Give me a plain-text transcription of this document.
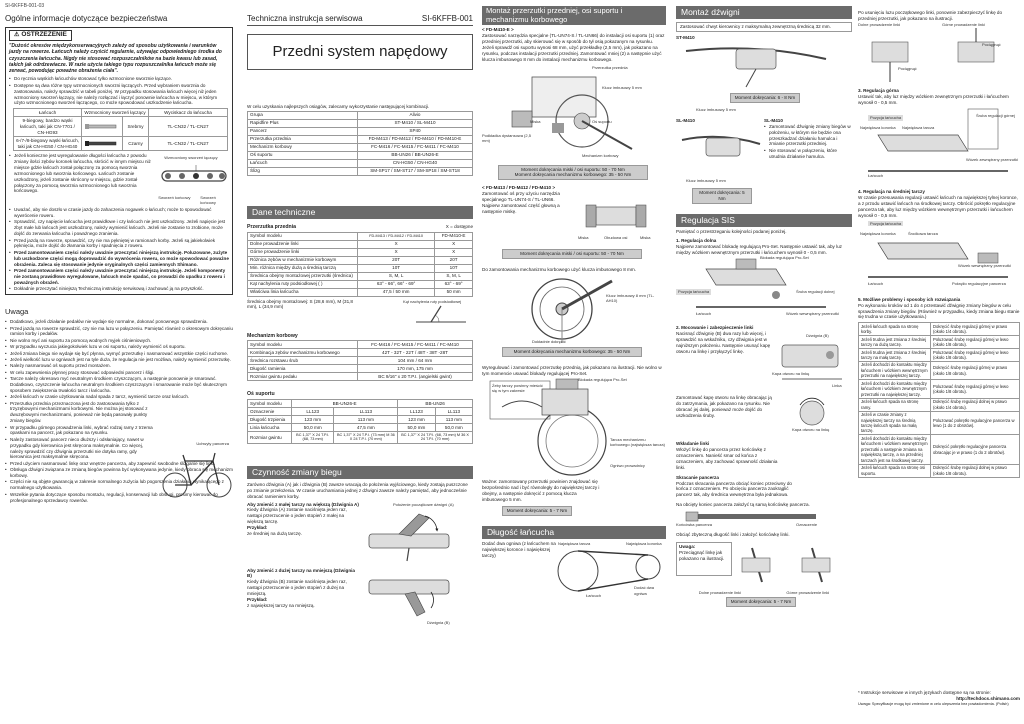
SI-6KFFB-001-03
Ogólne informacje dotyczące bezpieczeństwa
⚠ OSTRZEŻENIE
"Dużość okresów międzykonserwacyjnych zależy od sposobu użytkowania i warunków jazdy na rowerze. Łańcuch należy czyścić regularnie, używając odpowiedniego środka do czyszczenia łańcucha. Nigdy nie stosować rozpuszczalników na bazie kwasu lub zasad, takich jak odrdzewiacze. W razie użycia takiego typu rozpuszczalnika łańcuch może się zerwać, powodując poważne obrażenia ciała".
• Do ręcznia wąskich łańcuchów stosować tylko wzmocnione sworznie łączące.
• Dostępne są dwa różne typy wzmocnionych sworzni łączących. Przed wybraniem sworznia do zastosowania, należy sprawdzić w tabeli poniżej. W przypadku stosowania łańcuch więcej niż jeden wzmocniony sworzeń łączący, nie należy rozłączać i łączyć ponownie łańcucha w miejscu, w którym użyto wzmocnionego sworzeń łączącego, co może spowodować uszkodzenie łańcucha.
Łańcuch	Wzmocniony sworzeń łączący		Wyciskacz do łańcucha
9-biegowy, bardzo wąski łańcuch, taki jak CN-7701 / CN-HG93		Srebrny	TL-CN32 / TL-CN27
6-/7-/8-biegowy wąski łańcuch, taki jak CN-HG50 / CN-HG40		Czarny	TL-CN32 / TL-CN27
• Jeżeli konieczne jest wyregulowanie długości łańcucha z powodu zmiany ilości zębów koronek łańcucha, skrócić w innym miejscu niż miejsce gdzie łańcuch został połączony za pomocą sworznia wzmocnionego lub sworznia końcowego. Łańcuch zostanie uszkodzony, jeżeli zostanie skrócony w miejscu, gdzie został połączony za pomocą sworznia wzmocnionego lub sworznia końcowego.
Wzmocniony sworzeń łączący
Sworzeń końcowy Sworzeń końcowy
• Uważać, aby nie doszło w czasie jazdy do zahaczenia nogawek o łańcuch; może to spowodować wywrócenie roweru.
• Sprawdzić, czy napięcie łańcucha jest prawidłowe i czy łańcuch nie jest uszkodzony. Jeżeli napięcie jest zbyt małe lub łańcuch jest uszkodzony, należy wymienić łańcuch. Jeżeli nie zostanie to zrobione, może dojść do zerwania łańcucha i poważnego zranienia.
• Przed jazdą na rowerze, sprawdzić, czy nie ma pękniętej w ramionach korby. Jeżeli są jakiekolwiek pęknięcia, może dojść do złamania korby i spadnięcia z roweru.
• Przed zamontowaniem części należy uważnie przeczytać niniejszą instrukcję. Poluzowane, zużyte lub uszkodzone części mogą doprowadzić do wywrócenia roweru, co może spowodować poważne obrażenia. Zaleca się stosowanie jedynie oryginalnych części zamiennych Shimano.
• Przed zamontowaniem części należy uważnie przeczytać niniejszą instrukcję. Jeżeli komponenty nie zostaną prawidłowo wyregulowane, łańcuch może spadać, co prowadzi do upadku z roweru i poważnych obrażeń.
• Dokładnie przeczytać niniejszą Techniczną instrukcję serwisową i zachować ją na przyszłość.
Uwaga
• Dodatkowo, jeżeli działanie pedałów nie wydaje się normalne, dokonać ponownego sprawdzenia.
• Przed jazdą na rowerze sprawdzić, czy nie ma luzu w połączeniu. Pamiętać również o okresowym dokręcaniu ramion korby i pedałów.
• Nie wolno myć ani suportu za pomocą wodnych myjek ciśnieniowych.
• W przypadku wyczucia jakiegokolwiek luzu w osi suportu, należy wymienić oś suportu.
• Jeżeli zmiana biegu nie wydaje się być płynna, wymyć przerzutkę i nasmarować wszystkie części ruchome.
• Jeżeli wielkość luzu w ogniwach jest na tyle duża, że regulacja nie jest możliwa, należy wymienić przerzutkę.
• Należy nasmarować oś suportu przed montażem.
• W celu zapewnienia płynnej pracy stosować odpowiedni pancerz i śligi.
• Tarcze należy okresowo myć neutralnym środkiem czyszczącym, a następnie ponownie je smarować. Dodatkowo, czyszczenie łańcucha neutralnym środkiem czyszczącym i smarowanie może być skutecznym sposobem zwiększenia trwałości tarcz i łańcucha.
• Jeżeli łańcuch w czasie użytkowania nadal spada z tarcz, wymienić tarcze oraz łańcuch.
• Przerzutka przednia przeznaczona jest do zastosowania tylko z trzyzębowymi mechanizmami korbowymi. Nie można jej stosować z dwuzębowymi mechanizmami, ponieważ nie będą pasowały punkty zmiany biegów.
• W przypadku górnego prowadzenia linki, wybrać rodzaj ramy z trzema opaskami na pancerz, jak pokazano na rysunku.
• Należy zastosować pancerz nieco dłuższy i odsłaniający, nawet w przypadku gdy kierownica jest skręcona maksymalnie. Co więcej, należy sprawdzić czy dźwignia przerzutki nie dotyka ramy, gdy kierownica jest maksymalnie skręcona.
• Przed użyciem nasmarować linkę oraz wnętrze pancerza, aby zapewnić swobodne ślizganie się linki.
• Obsługa dźwigni związana ze zmianą biegów powinna być wykonywana jedynie, kiedy obraca się mechanizm korbowy.
• Części nie są objęte gwarancją w zakresie normalnego zużycia lub pogorszenia działania wynikającego z normalnego użytkowania.
• Wszelkie pytania dotyczące sposobu montażu, regulacji, konserwacji lub obsługi, prosimy kierować do profesjonalnego sprzedawcy rowerów.
Uchwyty pancerza
Techniczna instrukcja serwisowa	SI-6KFFB-001
Przedni system napędowy
W celu uzyskania najlepszych osiągów, zalecamy wykorzystanie następującej kombinacji.
Grupa	Alivio
Rapidfire Plus	ST-M410 / SL-M410
Pancerz	SP40
Przerzutka przednia	FD-M413 / FD-M412 / FD-M410 / FD-M410-E
Mechanizm korbowy	FC-M416 / FC-M415 / FC-M411 / FC-M410
Oś suportu	BB-UN26 / BB-UN26-E
Łańcuch	CN-HG50 / CN-HG40
Ślizg	SM-SP17 / SM-ST17 / SM-SP18 / SM-ST18
Dane techniczne
Przerzutka przednia	X = dostępne
Symbol modelu	FD-M413 / FD-M412 / FD-M410	FD-M410-E
Dolne prowadzenie linki	X	X
Górne prowadzenie linki	X	X
Różnica zębów w mechanizmie korbowym	20T	20T
Min. różnica między dużą a średnią tarczą	10T	10T
Średnica obejmy montażowej przerzutki (średnica)	S, M, L	S, M, L
Kąt nachylenia ruty podsiodłowej ( )	63° - 66°, 66° - 69°	63° - 69°
Właściwa linia łańcucha	47,5 / 50 mm	50 mm
Średnica obejmy montażowej: S (28,6 mm), M (31,8 mm), L (34,9 mm)
Kąt nachylenia ruty podsiodłowej
Mechanizm korbowy
Symbol modelu	FC-M416 / FC-M415 / FC-M411 / FC-M410
Kombinacja zębów mechanizmu korbowego	42T - 32T - 22T / 48T - 38T -28T
Średnica rozstawu śrub	104 mm / 64 mm
Długość ramienia	170 mm, 175 mm
Rozmiar gwintu pedału	BC 9/16" x 20 T.P.I. (angielski gwint)
Oś suportu
Symbol modelu	BB-UN26-E		BB-UN26	
Oznaczenie	LL123	LL113	LL123	LL113
Długość trzpienia	123 mm	113 mm	123 mm	113 mm
Linia łańcucha	50,0 mm	47,5 mm	50,0 mm	50,0 mm
Rozmiar gwintu	BC 1,37" X 24 T.P.I. (68, 73 mm)	BC 1,37" X 24 T.P.I. (73 mm) M 36 X 24 T.P.I. (70 mm)	BC 1,37" X 24 T.P.I. (68, 73 mm) M 36 X 24 T.P.I. (70 mm)	
Czynność zmiany biegu
Zarówno dźwignia (A) jak i dźwignia (B) zawsze wracają do położenia wyjściowego, kiedy zostają puszczone po zmianie przełożenia. W czasie uruchamiania jednej z dźwigni zawsze należy pamiętać, aby jednocześnie obracać ramieniem korby.
Aby zmienić z małej tarczy na większą (Dźwignia A)
Kiedy dźwignia (A) zostanie naciśnięta jeden raz, nastąpi przerzucenie o jeden stopień z małej na większą tarczę.
Przykład:
ze średniej na dużą tarczę.
Położenie początkowe dźwigni (A)
Aby zmienić z dużej tarczy na mniejszą (Dźwignia B)
Kiedy dźwignia (B) zostanie naciśnięta jeden raz, nastąpi przerzucenie o jeden stopień z dużej na mniejszą.
Przykład:
z największej tarczy na mniejszą.
Dźwignia (B)
Montaż przerzutki przedniej, osi suportu i mechanizmu korbowego
< FD-M410-E >
Zastosować narzędzia specjalne (TL-UN74-S / TL-UN66) do instalacji osi suportu (1) oraz przedniej przerzutki, aby skierować się w sposób do tył osią pokazanym na rysunku. Jeżeli sprawdź osi suportu wynosi 68 mm, użyć przekładkę (2,5 mm), jak pokazano na rysunku, podczas instalacji przerzutki przedniej. Zamontować mniej (2) a następnie użyć klucza imbusowego 8 mm do instalacji mechanizmu korbowego.
Przerzutka przednia
Klucz imbusowy 5 mm
Oś suportu
Podkładka dystansowa (2,5 mm)
Mechanizm korbowy
Miska
Moment dokręcania miski / osi suportu: 50 - 70 Nm
Moment dokręcania mechanizmu korbowego: 35 - 50 Nm
< FD-M413 / FD-M412 / FD-M410 >
Zamontować oś przy użyciu narzędzia specjalnego TL-UN74-S / TL-UN66. Najpierw zamontować część głowną a następnie miskę.
Miska	Obudowa osi	Miska
Moment dokręcania miski / osi suportu: 50 - 70 Nm
Do zamontowania mechanizmu korbowego użyć klucza imbusowego 8 mm.
Klucz imbusowy 8 mm (TL-AH10)
Dokładnie dokręcić
Moment dokręcania mechanizmu korbowego: 35 - 50 Nm
Wyregulować i zamontować przerzutkę przednią, jak pokazano na ilustracji. Nie wolno w tym momencie usuwać blokady regulującej Pro-Set.
Blokada regulująca Pro-Set
Żeby tarczy powinny mieścić się w tym zakresie
Tarcza mechanizmu korbowego (największa tarcza)
Ogniwo prowadnicy
Ważne: zamontowany przerzutki powinien znajdować się bezpośrednio nad i być równoległy do największej tarczy i obejmy, a następnie dokręcić z pomocą klucza imbusowego 5 mm.
Moment dokręcania: 5 - 7 Nm
Długość łańcucha
Dodać dwa ogniwa (z łańcuchem na największej koronce i największej tarczy)
Największa koronka
Największa tarcza
Łańcuch
Dodać dwa ogniwa
Montaż dźwigni
Zastosować chwyt kierownicy z maksymalną zewnętrzną średnicą 32 mm.
ST-M410
Moment dokręcania: 6 - 8 Nm
Klucz imbusowy 5 mm
SL-M410
Klucz imbusowy 5 mm
SL-M410
• Zamontować dźwignię zmiany biegów w położeniu, w którym nie będzie ona przeszkadzać działaniu hamulca i zmianie przerzutki przedniej.
• Nie stosować w połączeniu, które utrudnia działanie hamulca.
Moment dokręcania: 5 Nm
Regulacja SIS
Pamiętać o przestrzeganiu kolejności podanej poniżej.
1. Regulacja dolna
Najpierw zamontować blokadę regulującą Pro-Set. Następnie ustawić tak, aby luz między wózkiem wewnętrznym przerzutki i łańcuchem wynosił 0 - 0,5 mm.
Blokada regulująca Pro-Set
Pozycja łańcucha	Śruba regulacji dolnej
Wózek wewnętrzny przerzutki
Łańcuch
2. Mocowanie i zabezpieczenie linki
Nacisnąć dźwignię (B) dwa razy lub więcej, i sprawdzić na wskaźniku, czy dźwignia jest w najniższym położeniu. Następnie usunąć kapę otworu na linkę i przyłączyć linkę.
Dźwignia (B)
Kapa otworu na linkę
Linka
Zamontować kapę otworu na linkę obracając ją do zatrzymania, jak pokazano na rysunku. Nie obracać jej dalej, ponieważ może dojść do uszkodzenia śruby.
Kapa otworu na linkę
Wkładanie linki
Włożyć linkę do pancerza przez końcówkę z oznaczeniem. Nanieść smar od końca z oznaczeniem, aby zachować sprawność działania linki.
Skracanie pancerza
Podczas skracania pancerza obciąć koniec przeciwny do końca z oznaczeniem. Po obcięciu pancerza zaokrąglić pancerz tak, aby średnica wewnętrzna była jednakowa.
Na obcięty koniec pancerza założyć tą samą końcówkę pancerza.
Końcówka pancerza	Oznaczenie
Obciąć zbyteczną długość linki i założyć końcówkę linki.
Uwaga:
Przeciągnąć linkę jak pokazano na ilustracji.
Dolne prowadzenie linki	Górne prowadzenie linki
Moment dokręcania: 5 - 7 Nm
Po usunięciu luzu początkowego linki, ponownie zabezpieczyć linkę do przedniej przerzutki, jak pokazano na ilustracji.
Dolne prowadzenie linki	Górne prowadzenie linki
Pociągnąć
Pociągnąć
3. Regulacja górna
Ustawić tak, aby luz między wózkiem zewnętrznym przerzutki i łańcuchem wynosił 0 - 0,5 mm.
Pozycja łańcucha
Największa koronka Największa tarcza
Śruba regulacji górnej
Łańcuch
Wózek zewnętrzny przerzutki
4. Regulacja na średniej tarczy
W czasie przesuwania regulacji ustawić łańcuch na największej tylnej koronce, a z przodu ustawić łańcuch na środkowej tarczy. Obrócić pokrętło regulacyjne pancerza tak, aby luz między wózkiem wewnętrznym przerzutki i łańcuchem wynosił 0 - 0,5 mm.
Pozycja łańcucha
Największa koronka	Środkowa tarcza
Pokrętło regulacyjne pancerza
Łańcuch
Wózek wewnętrzny przerzutki
5. Możliwe problemy i sposoby ich rozwiązania
Po wykonaniu kroków od 1 do 4 przestawić dźwignię zmiany biegów w celu sprawdzenia zmiany biegów. (Również w przypadku, kiedy zmiana biegu stanie się trudna w czasie użytkowania.)
Jeżeli łańcuch spada na stronę korby.	Dokręcić śrubę regulacji górnej w prawo (około 1/4 obrotu).
Jeżeli trudna jest zmiana z średniej tarczy na dużą tarczę.	Poluzować śrubę regulacji górnej w lewo (około 1/8 obrotu).
Jeżeli trudna jest zmiana z średniej tarczy na małą tarczę.	Poluzować śrubę regulacji górnej w lewo (około 1/8 obrotu).
Jeżeli dochodzi do kontaktu między łańcuchem i wózkiem wewnętrznym przerzutki na największej tarczy.	Dokręcić śrubę regulacji górnej w prawo (około 1/8 obrotu).
Jeżeli dochodzi do kontaktu między łańcuchem i wózkiem zewnętrznym przerzutki na największej tarczy.	Poluzować śrubę regulacji górnej w lewo (około 1/8 obrotu).
Jeżeli łańcuch spada na stronę ramy.	Dokręcić śrubę regulacji dolnej w prawo (około 1/4 obrotu).
Jeżeli w czasie zmiany z największej tarczy na średnią tarczę łańcuch spada na małą tarczę.	Poluzować pokrętło regulacyjne pancerza w lewo (1 do 2 obrotów).
Jeżeli dochodzi do kontaktu między łańcuchem i wózkiem wewnętrznym przerzutki a następnie zmiana na największą tarczę, a na przedniej tarczach jest na środkowej tarczy.	Dokręcić pokrętło regulacyjne pancerza obracając je w prawo (1 do 2 obrotów).
Jeżeli łańcuch spada na stronę osi suportu.	Dokręcić śrubę regulacji dolnej w prawo (około 1/8 obrotu).
* Instrukcje serwisowe w innych językach dostępne są na stronie:
http://techdocs.shimano.com
Uwaga: Specyfikacje mogą być zmienione w celu ulepszenia bez powiadomienia. (Polish)
